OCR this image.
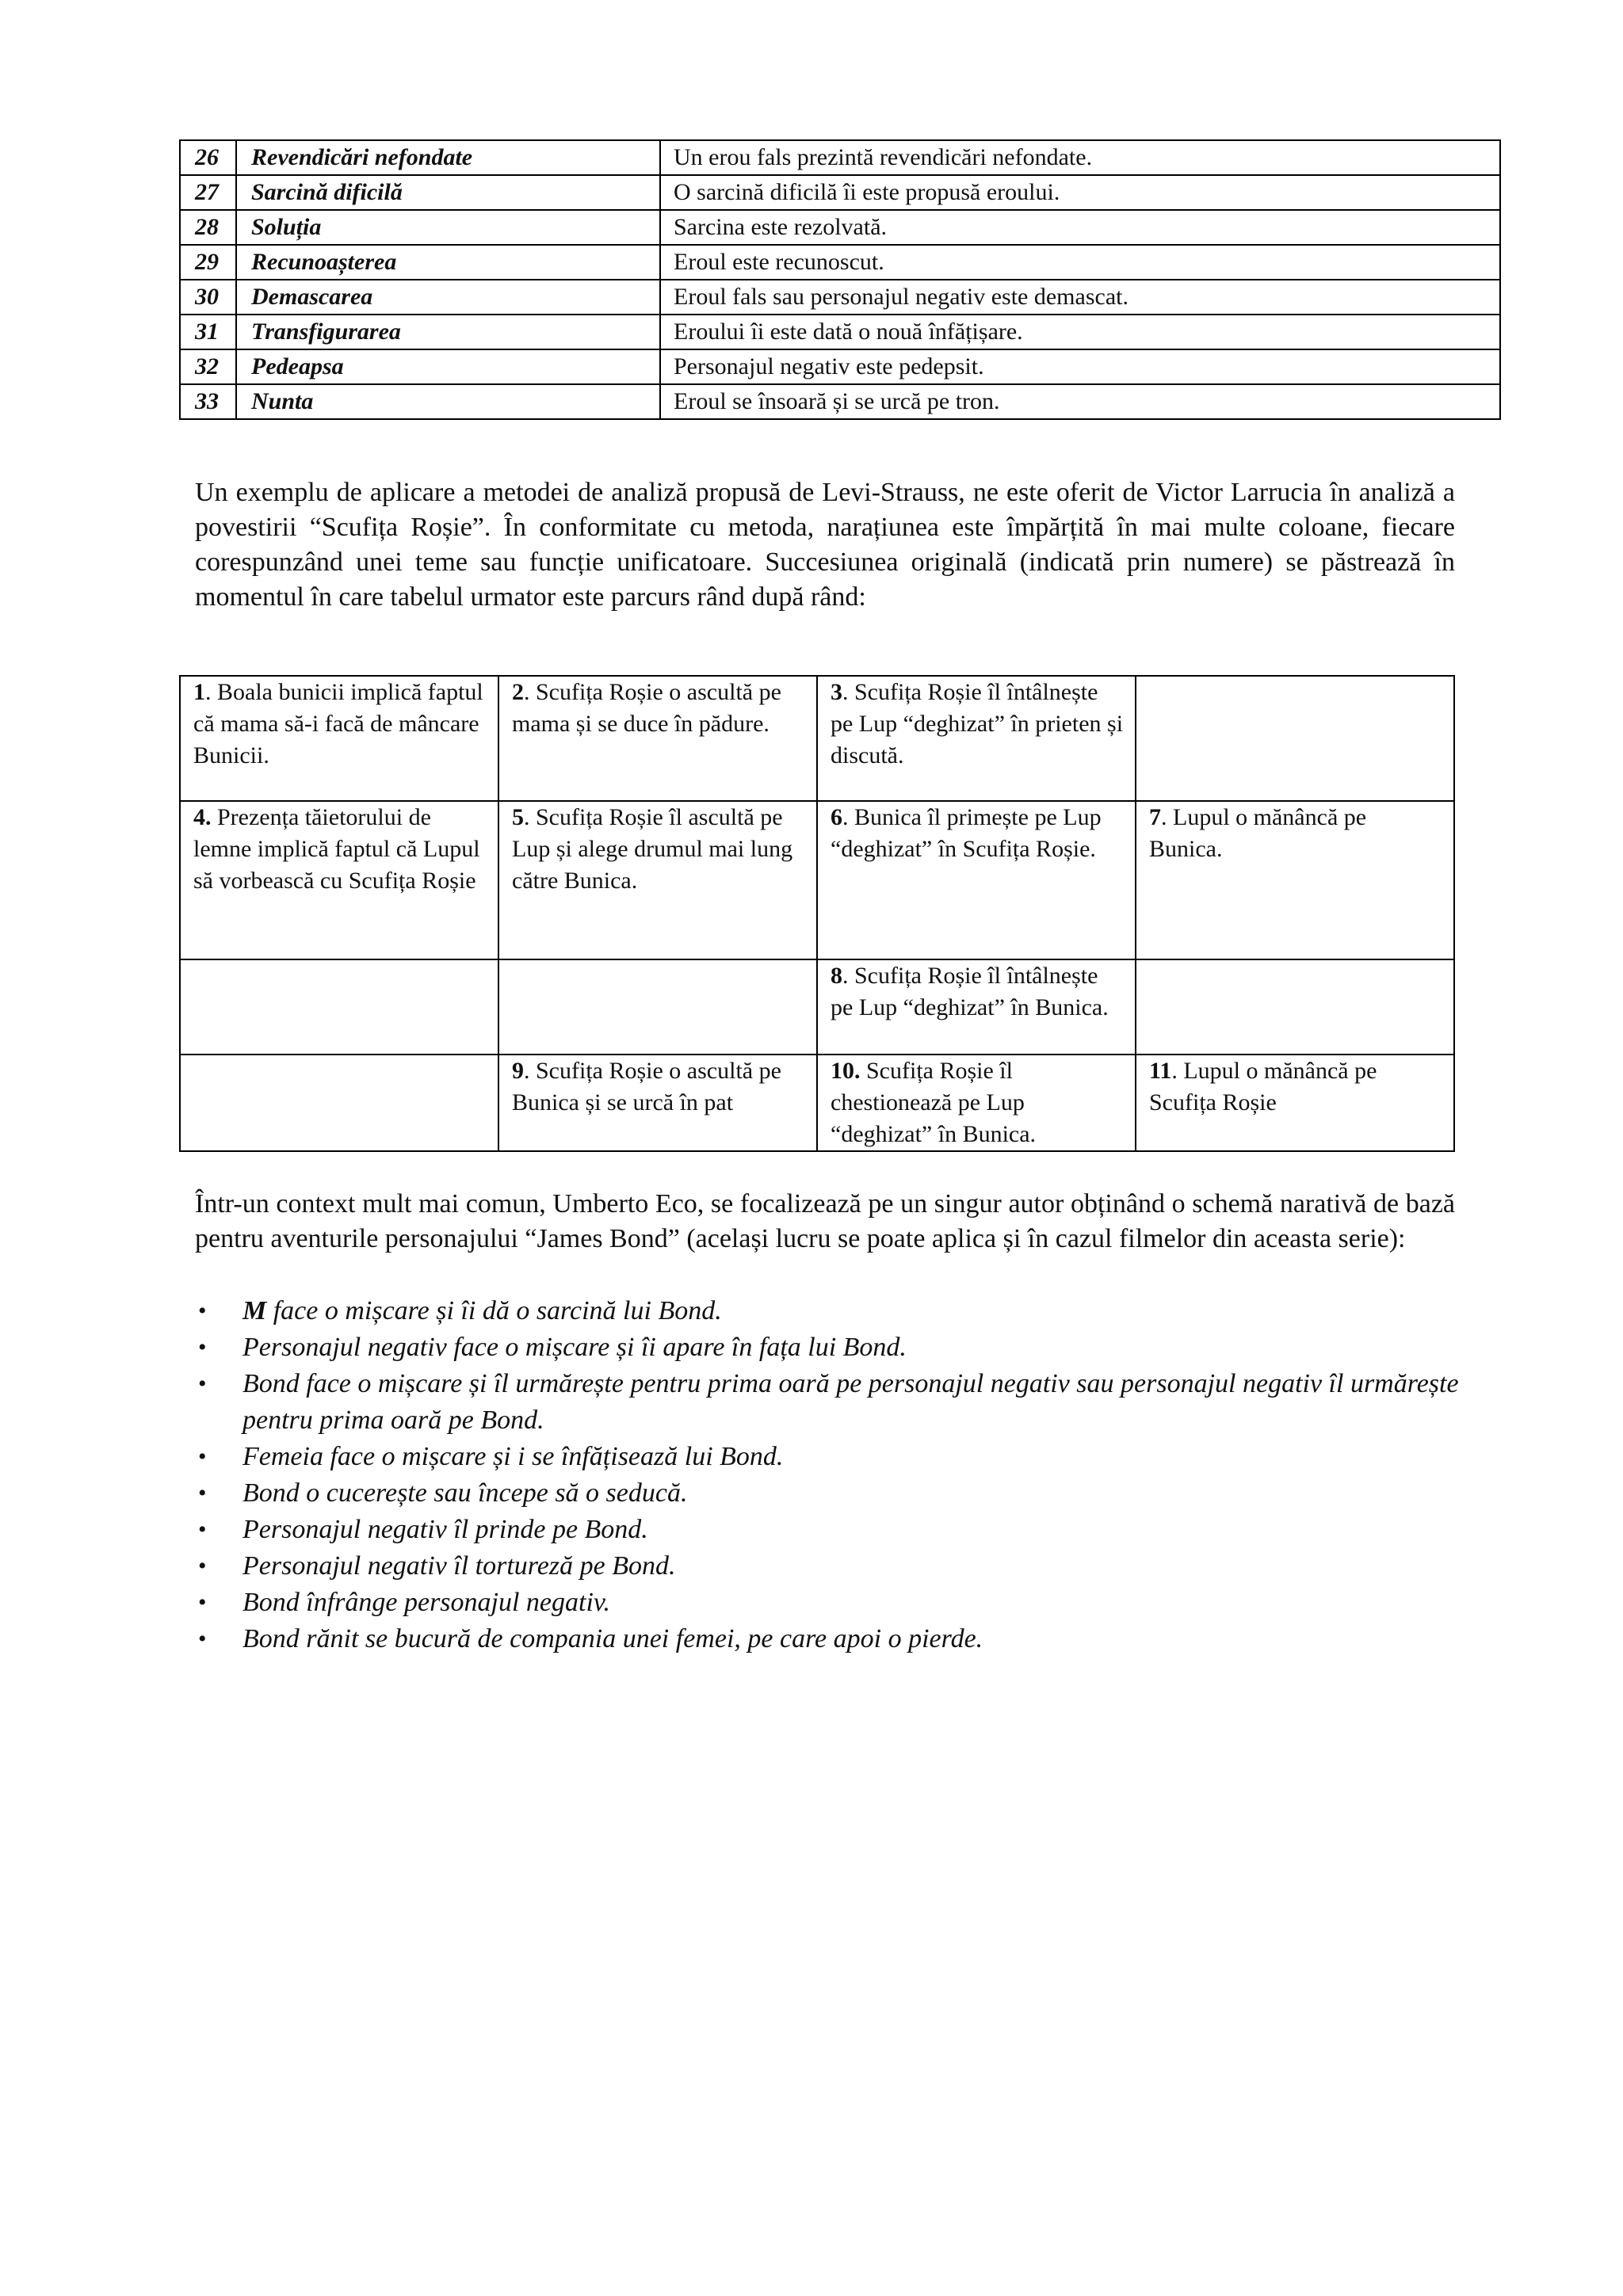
26	Revendicări nefondate	Un erou fals prezintă revendicări nefondate.
27	Sarcină dificilă	O sarcină dificilă îi este propusă eroului.
28	Soluția	Sarcina este rezolvată.
29	Recunoașterea	Eroul este recunoscut.
30	Demascarea	Eroul fals sau personajul negativ este demascat.
31	Transfigurarea	Eroului îi este dată o nouă înfățișare.
32	Pedeapsa	Personajul negativ este pedepsit.
33	Nunta	Eroul se însoară și se urcă pe tron.

Un exemplu de aplicare a metodei de analiză propusă de Levi-Strauss, ne este oferit de Victor Larrucia în analiză a povestirii “Scufița Roșie”. În conformitate cu metoda, narațiunea este împărțită în mai multe coloane, fiecare corespunzând unei teme sau funcție unificatoare. Succesiunea originală (indicată prin numere) se păstrează în momentul în care tabelul urmator este parcurs rând după rând:

1. Boala bunicii implică faptul că mama să-i facă de mâncare Bunicii.	2. Scufița Roșie o ascultă pe mama și se duce în pădure.	3. Scufița Roșie îl întâlnește pe Lup “deghizat” în prieten și discută.	
4. Prezența tăietorului de lemne implică faptul că Lupul să vorbească cu Scufița Roșie	5. Scufița Roșie îl ascultă pe Lup și alege drumul mai lung către Bunica.	6. Bunica îl primește pe Lup “deghizat” în Scufița Roșie.	7. Lupul o mănâncă pe Bunica.
		8. Scufița Roșie îl întâlnește pe Lup “deghizat” în Bunica.	
	9. Scufița Roșie o ascultă pe Bunica și se urcă în pat	10. Scufița Roșie îl chestionează pe Lup “deghizat” în Bunica.	11. Lupul o mănâncă pe Scufița Roșie

Într-un context mult mai comun, Umberto Eco, se focalizează pe un singur autor obținând o schemă narativă de bază pentru aventurile personajului “James Bond” (același lucru se poate aplica și în cazul filmelor din aceasta serie):

• M face o mișcare și îi dă o sarcină lui Bond.
• Personajul negativ face o mișcare și îi apare în fața lui Bond.
• Bond face o mișcare și îl urmărește pentru prima oară pe personajul negativ sau personajul negativ îl urmărește pentru prima oară pe Bond.
• Femeia face o mișcare și i se înfățisează lui Bond.
• Bond o cucerește sau începe să o seducă.
• Personajul negativ îl prinde pe Bond.
• Personajul negativ îl tortureză pe Bond.
• Bond înfrânge personajul negativ.
• Bond rănit se bucură de compania unei femei, pe care apoi o pierde.
